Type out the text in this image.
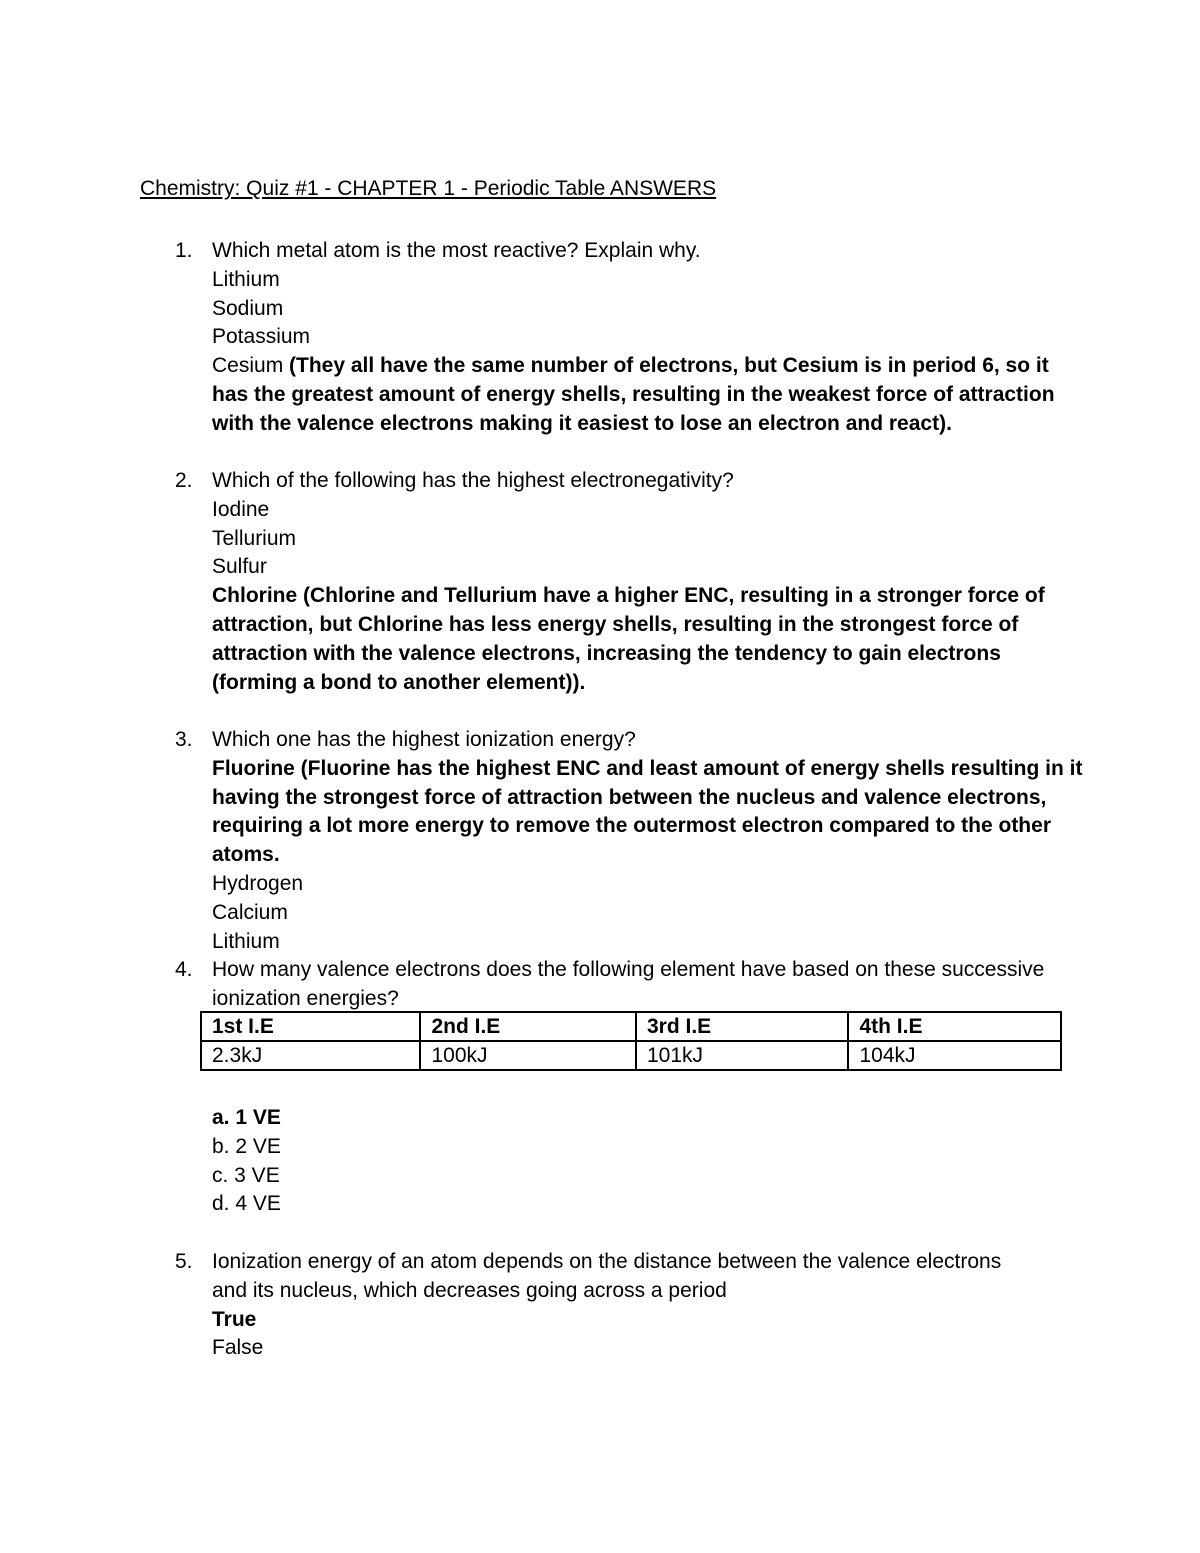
Chemistry: Quiz #1 - CHAPTER 1 - Periodic Table ANSWERS
1. Which metal atom is the most reactive? Explain why.
Lithium
Sodium
Potassium
Cesium (They all have the same number of electrons, but Cesium is in period 6, so it
has the greatest amount of energy shells, resulting in the weakest force of attraction
with the valence electrons making it easiest to lose an electron and react).
2. Which of the following has the highest electronegativity?
Iodine
Tellurium
Sulfur
Chlorine (Chlorine and Tellurium have a higher ENC, resulting in a stronger force of
attraction, but Chlorine has less energy shells, resulting in the strongest force of
attraction with the valence electrons, increasing the tendency to gain electrons
(forming a bond to another element)).
3. Which one has the highest ionization energy?
Fluorine (Fluorine has the highest ENC and least amount of energy shells resulting in it
having the strongest force of attraction between the nucleus and valence electrons,
requiring a lot more energy to remove the outermost electron compared to the other
atoms.
Hydrogen
Calcium
Lithium
4. How many valence electrons does the following element have based on these successive
ionization energies?
1st I.E	2nd I.E	3rd I.E	4th I.E
2.3kJ	100kJ	101kJ	104kJ
a. 1 VE
b. 2 VE
c. 3 VE
d. 4 VE
5. Ionization energy of an atom depends on the distance between the valence electrons
and its nucleus, which decreases going across a period
True
False
